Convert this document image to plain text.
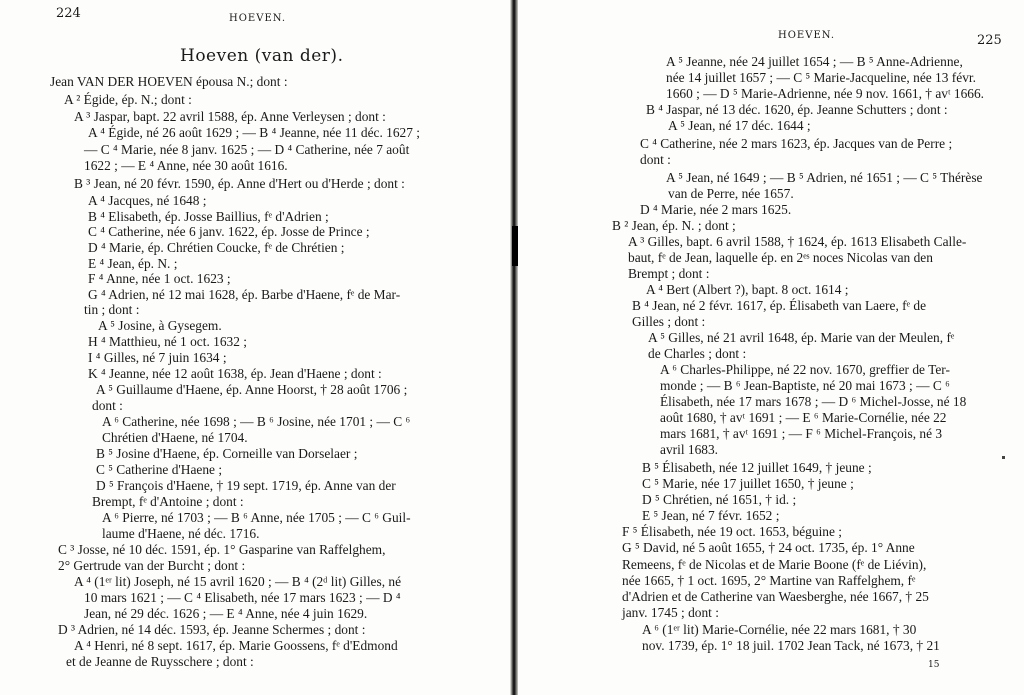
224	HOEVEN.
Hoeven (van der).
Jean VAN DER HOEVEN épousa N.; dont :
A ² Égide, ép. N.; dont :
A ³ Jaspar, bapt. 22 avril 1588, ép. Anne Verleysen ; dont :
A ⁴ Égide, né 26 août 1629 ; — B ⁴ Jeanne, née 11 déc. 1627 ;
— C ⁴ Marie, née 8 janv. 1625 ; — D ⁴ Catherine, née 7 août
1622 ; — E ⁴ Anne, née 30 août 1616.
B ³ Jean, né 20 févr. 1590, ép. Anne d'Hert ou d'Herde ; dont :
A ⁴ Jacques, né 1648 ;
B ⁴ Elisabeth, ép. Josse Baillius, fᵉ d'Adrien ;
C ⁴ Catherine, née 6 janv. 1622, ép. Josse de Prince ;
D ⁴ Marie, ép. Chrétien Coucke, fᵉ de Chrétien ;
E ⁴ Jean, ép. N. ;
F ⁴ Anne, née 1 oct. 1623 ;
G ⁴ Adrien, né 12 mai 1628, ép. Barbe d'Haene, fᵉ de Mar-
tin ; dont :
A ⁵ Josine, à Gysegem.
H ⁴ Matthieu, né 1 oct. 1632 ;
I ⁴ Gilles, né 7 juin 1634 ;
K ⁴ Jeanne, née 12 août 1638, ép. Jean d'Haene ; dont :
A ⁵ Guillaume d'Haene, ép. Anne Hoorst, † 28 août 1706 ;
dont :
A ⁶ Catherine, née 1698 ; — B ⁶ Josine, née 1701 ; — C ⁶
Chrétien d'Haene, né 1704.
B ⁵ Josine d'Haene, ép. Corneille van Dorselaer ;
C ⁵ Catherine d'Haene ;
D ⁵ François d'Haene, † 19 sept. 1719, ép. Anne van der
Brempt, fᵉ d'Antoine ; dont :
A ⁶ Pierre, né 1703 ; — B ⁶ Anne, née 1705 ; — C ⁶ Guil-
laume d'Haene, né déc. 1716.
C ³ Josse, né 10 déc. 1591, ép. 1° Gasparine van Raffelghem,
2° Gertrude van der Burcht ; dont :
A ⁴ (1ᵉʳ lit) Joseph, né 15 avril 1620 ; — B ⁴ (2ᵈ lit) Gilles, né
10 mars 1621 ; — C ⁴ Elisabeth, née 17 mars 1623 ; — D ⁴
Jean, né 29 déc. 1626 ; — E ⁴ Anne, née 4 juin 1629.
D ³ Adrien, né 14 déc. 1593, ép. Jeanne Schermes ; dont :
A ⁴ Henri, né 8 sept. 1617, ép. Marie Goossens, fᵉ d'Edmond
et de Jeanne de Ruysschere ; dont :
HOEVEN.	225
A ⁵ Jeanne, née 24 juillet 1654 ; — B ⁵ Anne-Adrienne,
née 14 juillet 1657 ; — C ⁵ Marie-Jacqueline, née 13 févr.
1660 ; — D ⁵ Marie-Adrienne, née 9 nov. 1661, † avᵗ 1666.
B ⁴ Jaspar, né 13 déc. 1620, ép. Jeanne Schutters ; dont :
A ⁵ Jean, né 17 déc. 1644 ;
C ⁴ Catherine, née 2 mars 1623, ép. Jacques van de Perre ;
dont :
A ⁵ Jean, né 1649 ; — B ⁵ Adrien, né 1651 ; — C ⁵ Thérèse
van de Perre, née 1657.
D ⁴ Marie, née 2 mars 1625.
B ² Jean, ép. N. ; dont ;
A ³ Gilles, bapt. 6 avril 1588, † 1624, ép. 1613 Elisabeth Calle-
baut, fᵉ de Jean, laquelle ép. en 2ᵉˢ noces Nicolas van den
Brempt ; dont :
A ⁴ Bert (Albert ?), bapt. 8 oct. 1614 ;
B ⁴ Jean, né 2 févr. 1617, ép. Élisabeth van Laere, fᵉ de
Gilles ; dont :
A ⁵ Gilles, né 21 avril 1648, ép. Marie van der Meulen, fᵉ
de Charles ; dont :
A ⁶ Charles-Philippe, né 22 nov. 1670, greffier de Ter-
monde ; — B ⁶ Jean-Baptiste, né 20 mai 1673 ; — C ⁶
Élisabeth, née 17 mars 1678 ; — D ⁶ Michel-Josse, né 18
août 1680, † avᵗ 1691 ; — E ⁶ Marie-Cornélie, née 22
mars 1681, † avᵗ 1691 ; — F ⁶ Michel-François, né 3
avril 1683.
B ⁵ Élisabeth, née 12 juillet 1649, † jeune ;
C ⁵ Marie, née 17 juillet 1650, † jeune ;
D ⁵ Chrétien, né 1651, † id. ;
E ⁵ Jean, né 7 févr. 1652 ;
F ⁵ Élisabeth, née 19 oct. 1653, béguine ;
G ⁵ David, né 5 août 1655, † 24 oct. 1735, ép. 1° Anne
Remeens, fᵉ de Nicolas et de Marie Boone (fᵉ de Liévin),
née 1665, † 1 oct. 1695, 2° Martine van Raffelghem, fᵉ
d'Adrien et de Catherine van Waesberghe, née 1667, † 25
janv. 1745 ; dont :
A ⁶ (1ᵉʳ lit) Marie-Cornélie, née 22 mars 1681, † 30
nov. 1739, ép. 1° 18 juil. 1702 Jean Tack, né 1673, † 21
15
